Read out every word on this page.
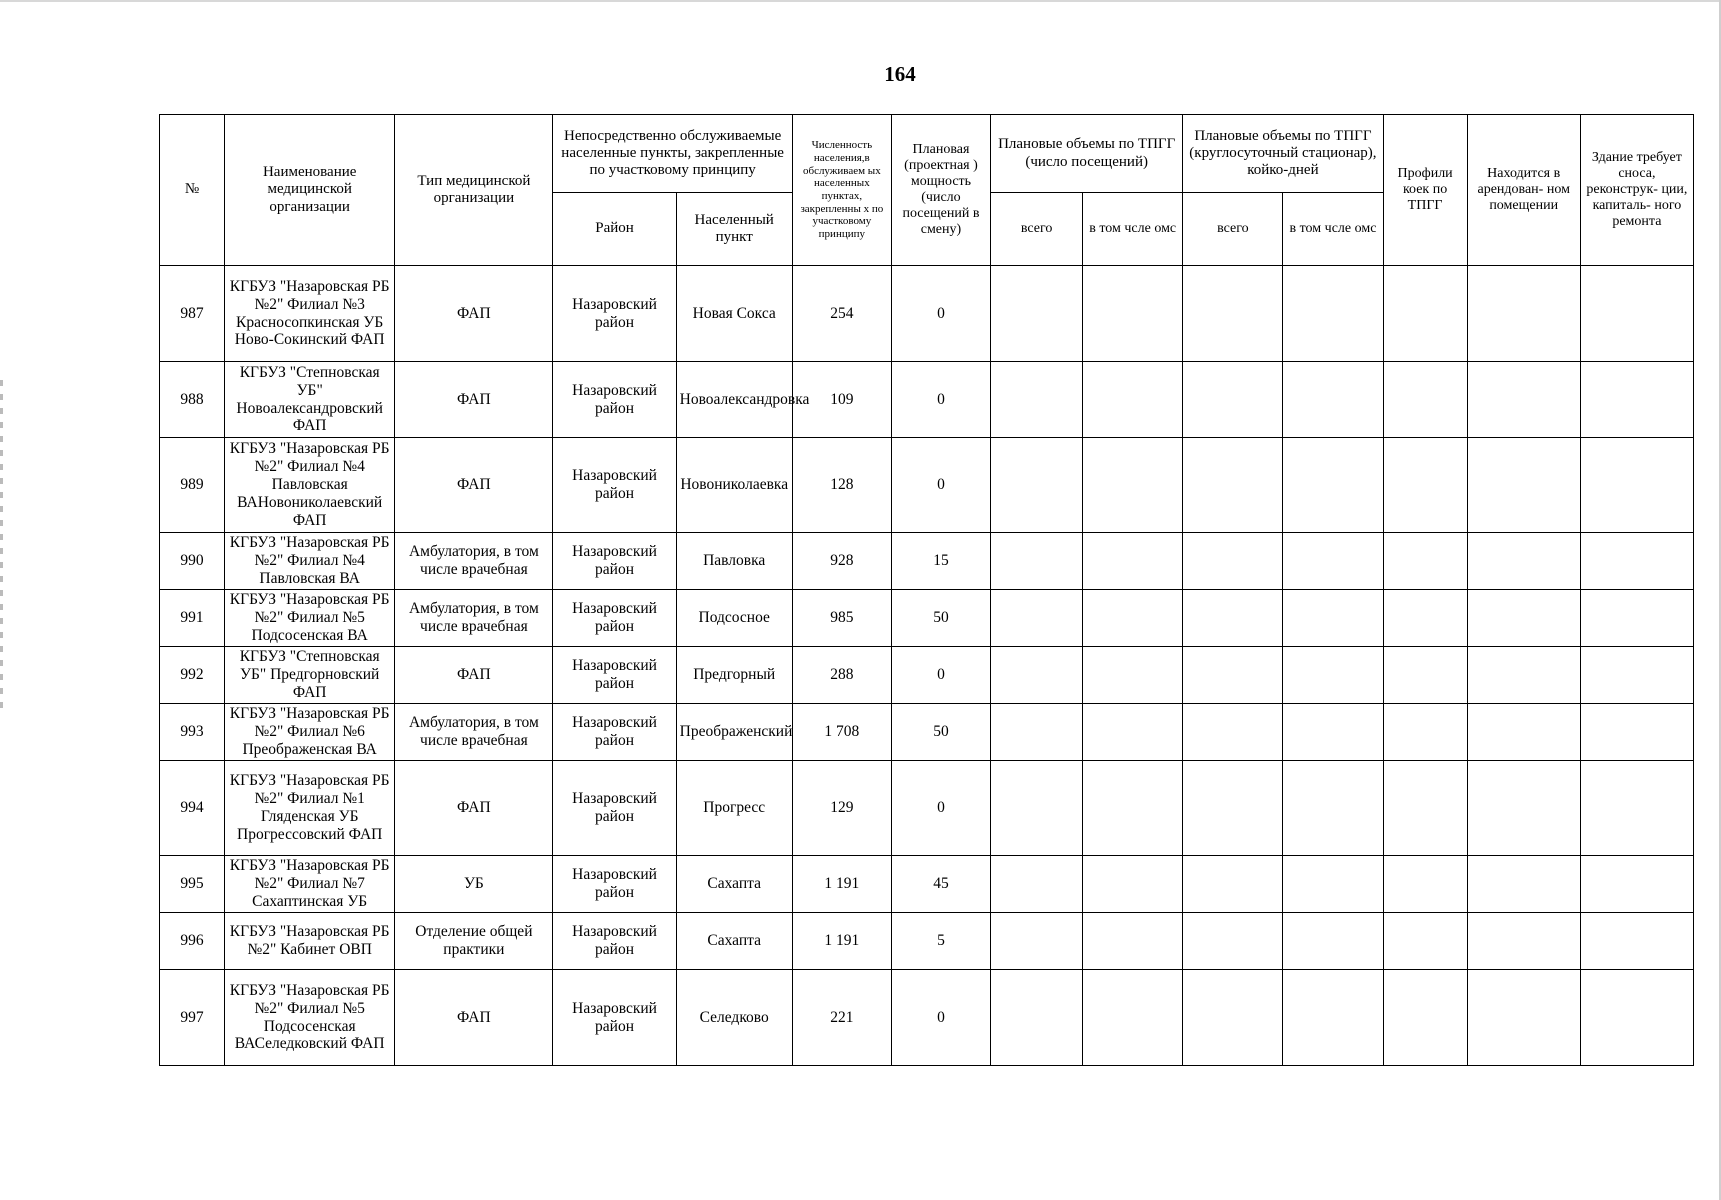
164
№	Наименование медицинской организации	Тип медицинской организации	Непосредственно обслуживаемые населенные пункты, закрепленные по участковому принципу		Численность населения,в обслуживаем ых населенных пунктах, закрепленны х по участковому принципу	Плановая (проектная ) мощность (число посещений в смену)	Плановые объемы по ТПГГ (число посещений)		Плановые объемы по ТПГГ (круглосуточный стационар), койко-дней		Профили коек по ТПГГ	Находится в арендован- ном помещении	Здание требует сноса, реконструк- ции, капиталь- ного ремонта
			Район	Населенный пункт			всего	в том чсле омс	всего	в том чсле омс			
987	КГБУЗ "Назаровская РБ №2" Филиал №3 Красносопкинская УБ Ново-Сокинский ФАП	ФАП	Назаровский район	Новая Сокса	254	0							
988	КГБУЗ "Степновская УБ" Новоалександровский ФАП	ФАП	Назаровский район	Новоалександровка	109	0							
989	КГБУЗ "Назаровская РБ №2" Филиал №4 Павловская ВАНовониколаевский ФАП	ФАП	Назаровский район	Новониколаевка	128	0							
990	КГБУЗ "Назаровская РБ №2" Филиал №4 Павловская ВА	Амбулатория, в том числе врачебная	Назаровский район	Павловка	928	15							
991	КГБУЗ "Назаровская РБ №2" Филиал №5 Подсосенская ВА	Амбулатория, в том числе врачебная	Назаровский район	Подсосное	985	50							
992	КГБУЗ "Степновская УБ" Предгорновский ФАП	ФАП	Назаровский район	Предгорный	288	0							
993	КГБУЗ "Назаровская РБ №2" Филиал №6 Преображенская ВА	Амбулатория, в том числе врачебная	Назаровский район	Преображенский	1 708	50							
994	КГБУЗ "Назаровская РБ №2" Филиал №1 Гляденская УБ Прогрессовский ФАП	ФАП	Назаровский район	Прогресс	129	0							
995	КГБУЗ "Назаровская РБ №2" Филиал №7 Сахаптинская УБ	УБ	Назаровский район	Сахапта	1 191	45							
996	КГБУЗ "Назаровская РБ №2" Кабинет ОВП	Отделение общей практики	Назаровский район	Сахапта	1 191	5							
997	КГБУЗ "Назаровская РБ №2" Филиал №5 Подсосенская ВАСеледковский ФАП	ФАП	Назаровский район	Селедково	221	0							
